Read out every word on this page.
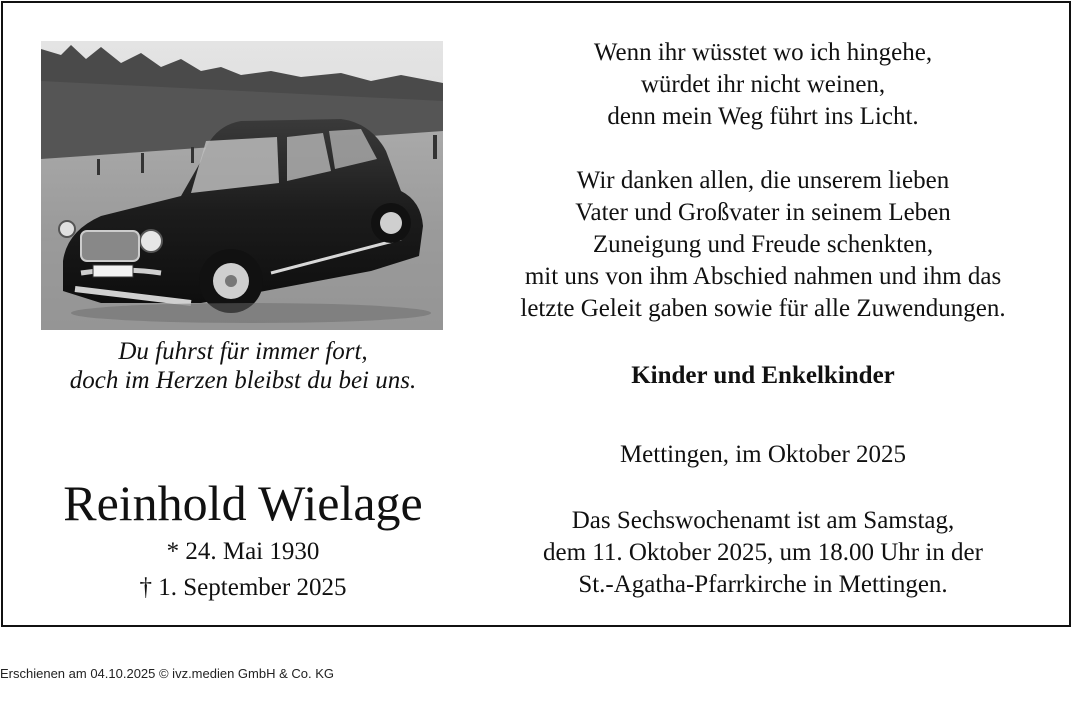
Du fuhrst für immer fort,
doch im Herzen bleibst du bei uns.
Reinhold Wielage
* 24. Mai 1930
† 1. September 2025
Wenn ihr wüsstet wo ich hingehe,
würdet ihr nicht weinen,
denn mein Weg führt ins Licht.
Wir danken allen, die unserem lieben
Vater und Großvater in seinem Leben
Zuneigung und Freude schenkten,
mit uns von ihm Abschied nahmen und ihm das
letzte Geleit gaben sowie für alle Zuwendungen.
Kinder und Enkelkinder
Mettingen, im Oktober 2025
Das Sechswochenamt ist am Samstag,
dem 11. Oktober 2025, um 18.00 Uhr in der
St.-Agatha-Pfarrkirche in Mettingen.
Erschienen am 04.10.2025 © ivz.medien GmbH & Co. KG
